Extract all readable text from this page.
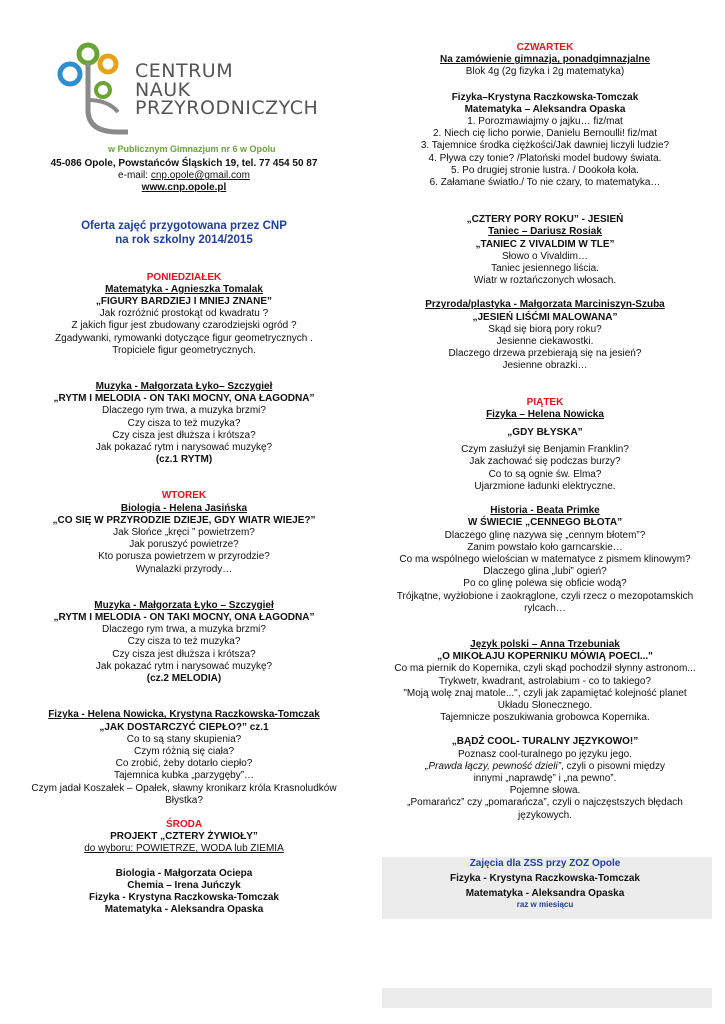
CENTRUM
NAUK
PRZYRODNICZYCH
w Publicznym Gimnazjum nr 6 w Opolu
45-086 Opole, Powstańców Śląskich 19, tel. 77 454 50 87
e-mail: cnp.opole@gmail.com
www.cnp.opole.pl
Oferta zajęć przygotowana przez CNP
na rok szkolny 2014/2015
PONIEDZIAŁEK
Matematyka - Agnieszka Tomalak
„FIGURY BARDZIEJ I MNIEJ ZNANE”
Jak rozróżnić prostokąt od kwadratu ?
Z jakich figur jest zbudowany czarodziejski ogród ?
Zgadywanki, rymowanki dotyczące figur geometrycznych .
Tropiciele figur geometrycznych.
Muzyka - Małgorzata Łyko– Szczygieł
„RYTM I MELODIA - ON TAKI MOCNY, ONA ŁAGODNA”
Dlaczego rym trwa, a muzyka brzmi?
Czy cisza to też muzyka?
Czy cisza jest dłuższa i krótsza?
Jak pokazać rytm i narysować muzykę?
(cz.1 RYTM)
WTOREK
Biologia - Helena Jasińska
„CO SIĘ W PRZYRODZIE DZIEJE, GDY WIATR WIEJE?”
Jak Słońce „kręci ” powietrzem?
Jak poruszyć powietrze?
Kto porusza powietrzem w przyrodzie?
Wynalazki przyrody…
Muzyka - Małgorzata Łyko – Szczygieł
„RYTM I MELODIA - ON TAKI MOCNY, ONA ŁAGODNA”
Dlaczego rym trwa, a muzyka brzmi?
Czy cisza to też muzyka?
Czy cisza jest dłuższa i krótsza?
Jak pokazać rytm i narysować muzykę?
(cz.2 MELODIA)
Fizyka - Helena Nowicka, Krystyna Raczkowska-Tomczak
„JAK DOSTARCZYĆ CIEPŁO?” cz.1
Co to są stany skupienia?
Czym różnią się ciała?
Co zrobić, żeby dotarło ciepło?
Tajemnica kubka „parzygęby”…
Czym jadał Koszałek – Opałek, sławny kronikarz króla Krasnoludków
Błystka?
ŚRODA
PROJEKT „CZTERY ŻYWIOŁY”
do wyboru: POWIETRZE, WODA lub ZIEMIA
Biologia - Małgorzata Ociepa
Chemia – Irena Juńczyk
Fizyka - Krystyna Raczkowska-Tomczak
Matematyka - Aleksandra Opaska
CZWARTEK
Na zamówienie gimnazja, ponadgimnazjalne
Blok 4g (2g fizyka i 2g matematyka)
Fizyka–Krystyna Raczkowska-Tomczak
Matematyka – Aleksandra Opaska
1. Porozmawiajmy o jajku… fiz/mat
2. Niech cię licho porwie, Danielu Bernoulli! fiz/mat
3. Tajemnice środka ciężkości/Jak dawniej liczyli ludzie?
4. Pływa czy tonie? /Platoński model budowy świata.
5. Po drugiej stronie lustra. / Dookoła koła.
6. Załamane światło./ To nie czary, to matematyka…
„CZTERY PORY ROKU” - JESIEŃ
Taniec – Dariusz Rosiak
„TANIEC Z VIVALDIM W TLE”
Słowo o Vivaldim…
Taniec jesiennego liścia.
Wiatr w roztańczonych włosach.
Przyroda/plastyka - Małgorzata Marciniszyn-Szuba
„JESIEŃ LIŚĆMI MALOWANA”
Skąd się biorą pory roku?
Jesienne ciekawostki.
Dlaczego drzewa przebierają się na jesień?
Jesienne obrazki…
PIĄTEK
Fizyka – Helena Nowicka
„GDY BŁYSKA”
Czym zasłużył się Benjamin Franklin?
Jak zachować się podczas burzy?
Co to są ognie św. Elma?
Ujarzmione ładunki elektryczne.
Historia - Beata Primke
W ŚWIECIE „CENNEGO BŁOTA”
Dlaczego glinę nazywa się „cennym błotem”?
Zanim powstało koło garncarskie…
Co ma wspólnego wielościan w matematyce z pismem klinowym?
Dlaczego glina „lubi” ogień?
Po co glinę polewa się obficie wodą?
Trójkątne, wyżłobione i zaokrąglone, czyli rzecz o mezopotamskich
rylcach…
Język polski – Anna Trzebuniak
„O MIKOŁAJU KOPERNIKU MÓWIĄ POECI..."
Co ma piernik do Kopernika, czyli skąd pochodził słynny astronom...
Trykwetr, kwadrant, astrolabium - co to takiego?
"Moją wolę znaj matole...", czyli jak zapamiętać kolejność planet
Układu Słonecznego.
Tajemnicze poszukiwania grobowca Kopernika.
„BĄDŹ COOL- TURALNY JĘZYKOWO!”
Poznasz cool-turalnego po języku jego.
„Prawda łączy, pewność dzieli”, czyli o pisowni między
innymi „naprawdę” i „na pewno”.
Pojemne słowa.
„Pomarańcz” czy „pomarańcza”, czyli o najczęstszych błędach
językowych.
Zajęcia dla ZSS przy ZOZ Opole
Fizyka - Krystyna Raczkowska-Tomczak
Matematyka - Aleksandra Opaska
raz w miesiącu
